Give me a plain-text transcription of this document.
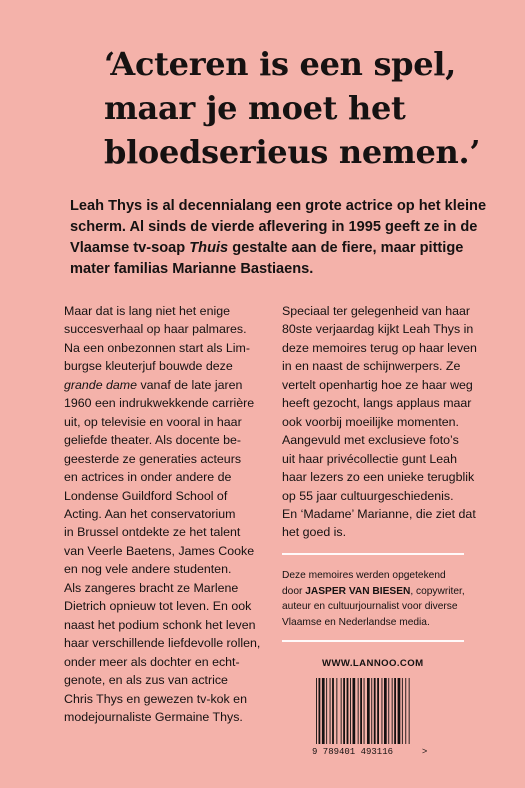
‘Acteren is een spel,
maar je moet het
bloedserieus nemen.’
Leah Thys is al decennialang een grote actrice op het kleine
scherm. Al sinds de vierde aflevering in 1995 geeft ze in de
Vlaamse tv-soap Thuis gestalte aan de fiere, maar pittige
mater familias Marianne Bastiaens.
Maar dat is lang niet het enige
succesverhaal op haar palmares.
Na een onbezonnen start als Lim-
burgse kleuterjuf bouwde deze
grande dame vanaf de late jaren
1960 een indrukwekkende carrière
uit, op televisie en vooral in haar
geliefde theater. Als docente be-
geesterde ze generaties acteurs
en actrices in onder andere de
Londense Guildford School of
Acting. Aan het conservatorium
in Brussel ontdekte ze het talent
van Veerle Baetens, James Cooke
en nog vele andere studenten.
Als zangeres bracht ze Marlene
Dietrich opnieuw tot leven. En ook
naast het podium schonk het leven
haar verschillende liefdevolle rollen,
onder meer als dochter en echt-
genote, en als zus van actrice
Chris Thys en gewezen tv-kok en
modejournaliste Germaine Thys.
Speciaal ter gelegenheid van haar
80ste verjaardag kijkt Leah Thys in
deze memoires terug op haar leven
in en naast de schijnwerpers. Ze
vertelt openhartig hoe ze haar weg
heeft gezocht, langs applaus maar
ook voorbij moeilijke momenten.
Aangevuld met exclusieve foto’s
uit haar privécollectie gunt Leah
haar lezers zo een unieke terugblik
op 55 jaar cultuurgeschiedenis.
En ‘Madame’ Marianne, die ziet dat
het goed is.
Deze memoires werden opgetekend
door JASPER VAN BIESEN, copywriter,
auteur en cultuurjournalist voor diverse
Vlaamse en Nederlandse media.
WWW.LANNOO.COM
9 789401 493116	>
